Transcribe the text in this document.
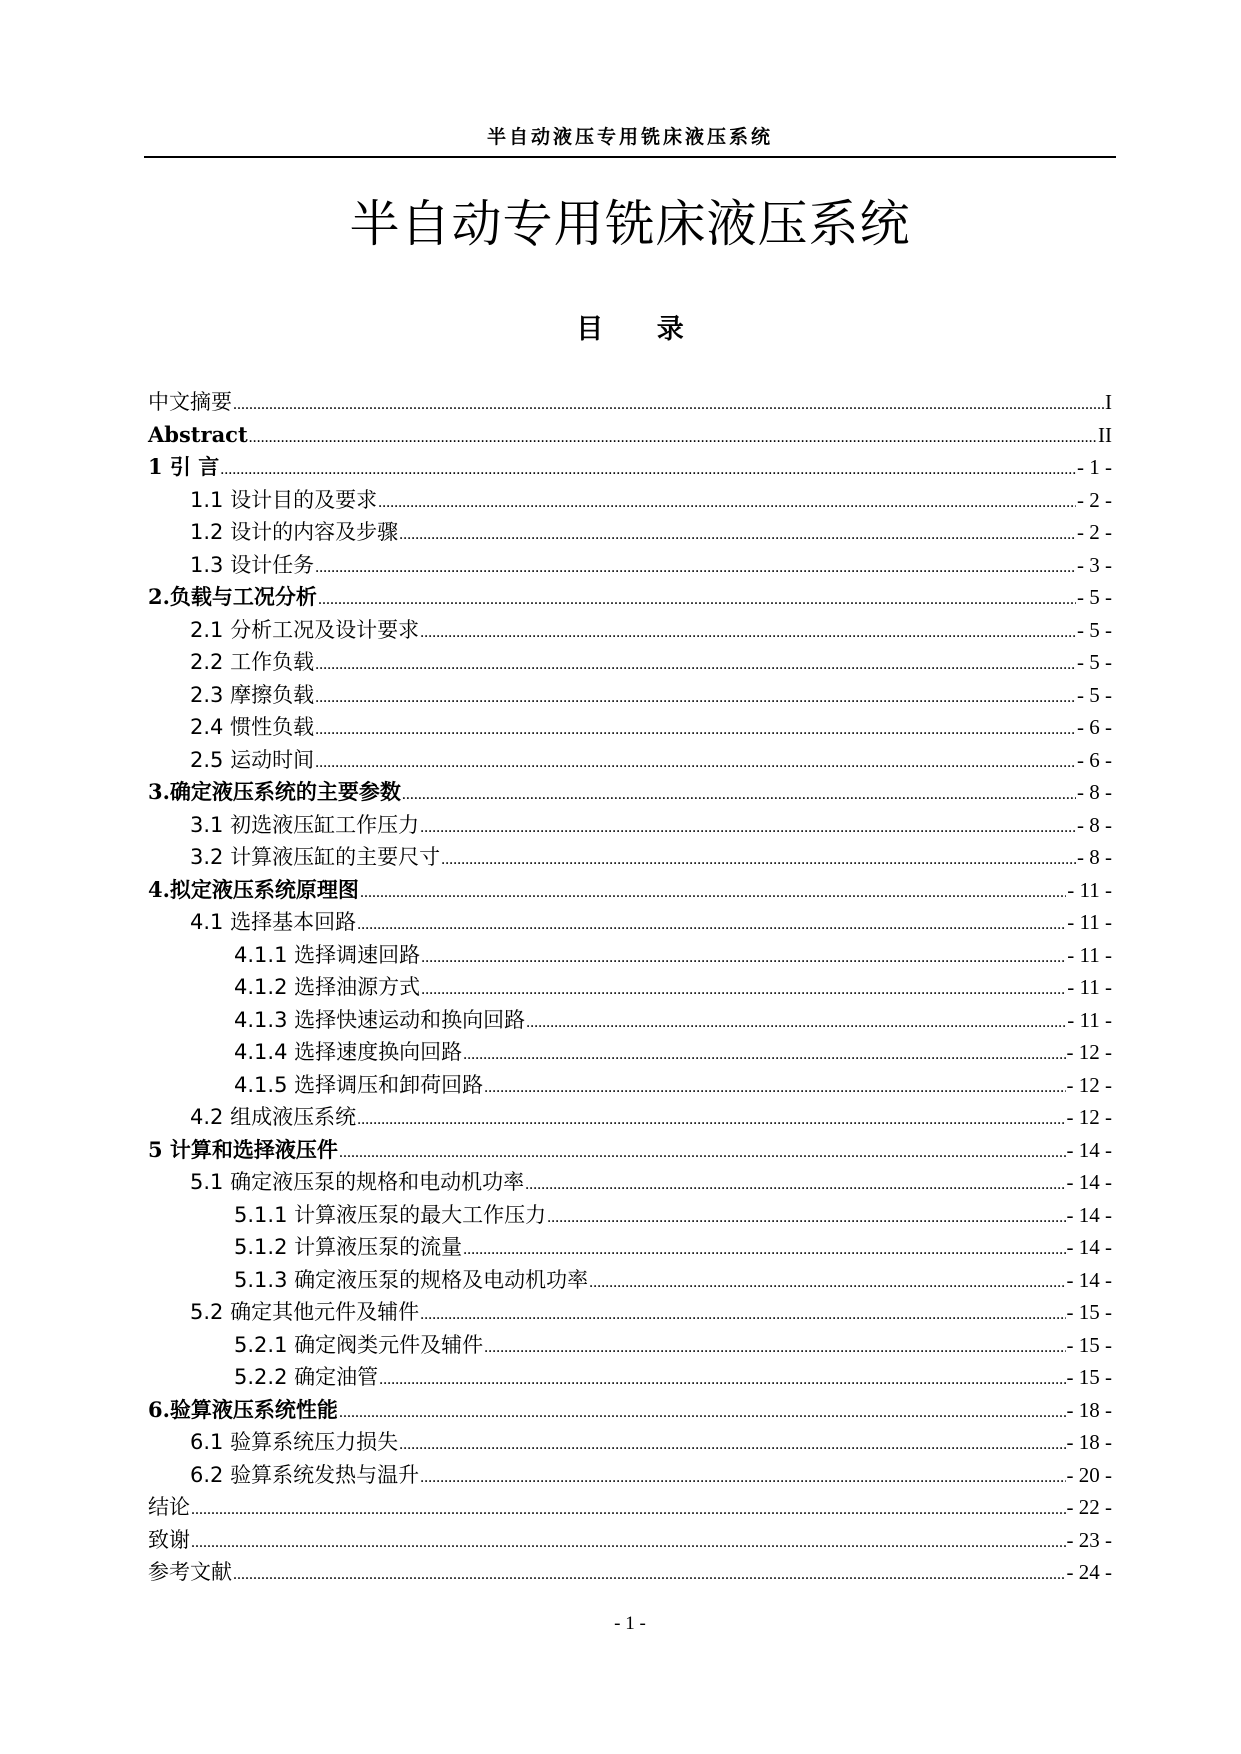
半自动液压专用铣床液压系统
半自动专用铣床液压系统
目 录
中文摘要 .....	I
Abstract .....	II
1 引 言 .....	- 1 -
1.1 设计目的及要求 .....	- 2 -
1.2 设计的内容及步骤 .....	- 2 -
1.3 设计任务 .....	- 3 -
2.负载与工况分析 .....	- 5 -
2.1 分析工况及设计要求 .....	- 5 -
2.2 工作负载 .....	- 5 -
2.3 摩擦负载 .....	- 5 -
2.4 惯性负载 .....	- 6 -
2.5 运动时间 .....	- 6 -
3.确定液压系统的主要参数 .....	- 8 -
3.1 初选液压缸工作压力 .....	- 8 -
3.2 计算液压缸的主要尺寸 .....	- 8 -
4.拟定液压系统原理图 .....	- 11 -
4.1 选择基本回路 .....	- 11 -
4.1.1 选择调速回路 .....	- 11 -
4.1.2 选择油源方式 .....	- 11 -
4.1.3 选择快速运动和换向回路 .....	- 11 -
4.1.4 选择速度换向回路 .....	- 12 -
4.1.5 选择调压和卸荷回路 .....	- 12 -
4.2 组成液压系统 .....	- 12 -
5 计算和选择液压件 .....	- 14 -
5.1 确定液压泵的规格和电动机功率 .....	- 14 -
5.1.1 计算液压泵的最大工作压力 .....	- 14 -
5.1.2 计算液压泵的流量 .....	- 14 -
5.1.3 确定液压泵的规格及电动机功率 .....	- 14 -
5.2 确定其他元件及辅件 .....	- 15 -
5.2.1 确定阀类元件及辅件 .....	- 15 -
5.2.2 确定油管 .....	- 15 -
6.验算液压系统性能 .....	- 18 -
6.1 验算系统压力损失 .....	- 18 -
6.2 验算系统发热与温升 .....	- 20 -
结论 .....	- 22 -
致谢 .....	- 23 -
参考文献 .....	- 24 -
- 1 -
